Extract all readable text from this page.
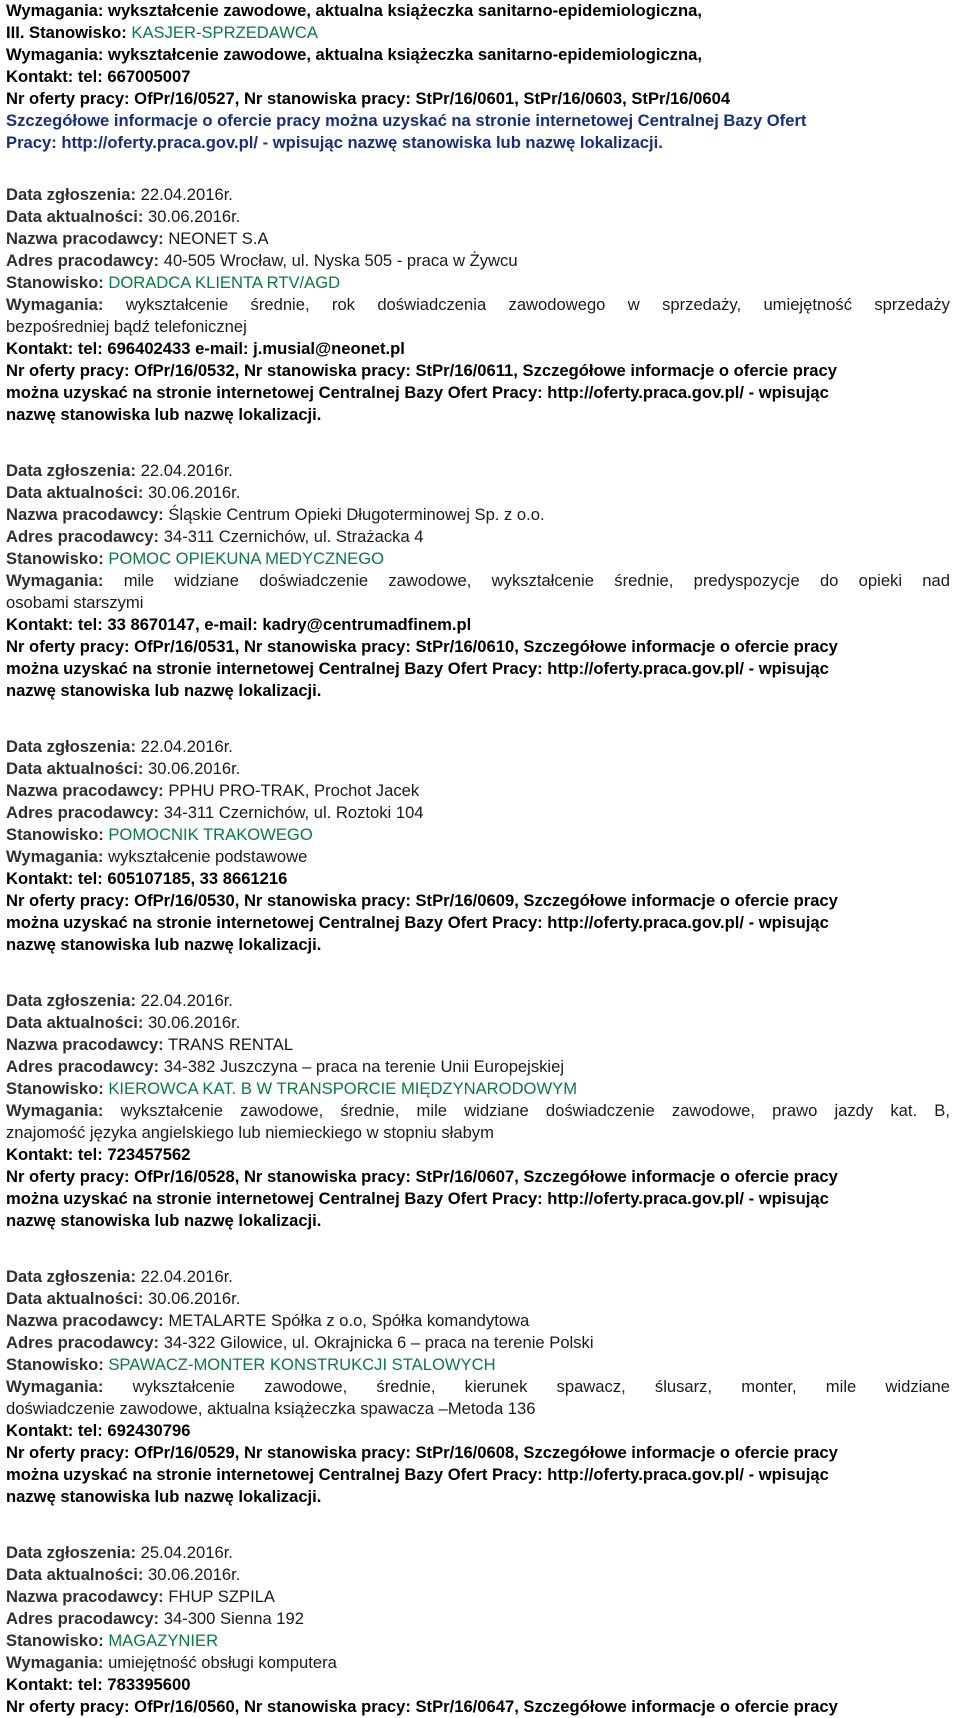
Wymagania: wykształcenie zawodowe, aktualna książeczka sanitarno-epidemiologiczna,
III. Stanowisko: KASJER-SPRZEDAWCA
Wymagania: wykształcenie zawodowe, aktualna książeczka sanitarno-epidemiologiczna,
Kontakt: tel: 667005007
Nr oferty pracy: OfPr/16/0527, Nr stanowiska pracy: StPr/16/0601, StPr/16/0603, StPr/16/0604
Szczegółowe informacje o ofercie pracy można uzyskać na stronie internetowej Centralnej Bazy Ofert
Pracy: http://oferty.praca.gov.pl/ - wpisując nazwę stanowiska lub nazwę lokalizacji.
Data zgłoszenia: 22.04.2016r.
Data aktualności: 30.06.2016r.
Nazwa pracodawcy: NEONET S.A
Adres pracodawcy: 40-505 Wrocław, ul. Nyska 505 - praca w Żywcu
Stanowisko: DORADCA KLIENTA RTV/AGD
Wymagania: wykształcenie średnie, rok doświadczenia zawodowego w sprzedaży, umiejętność sprzedaży
bezpośredniej bądź telefonicznej
Kontakt: tel: 696402433 e-mail: j.musial@neonet.pl
Nr oferty pracy: OfPr/16/0532, Nr stanowiska pracy: StPr/16/0611, Szczegółowe informacje o ofercie pracy
można uzyskać na stronie internetowej Centralnej Bazy Ofert Pracy: http://oferty.praca.gov.pl/ - wpisując
nazwę stanowiska lub nazwę lokalizacji.
Data zgłoszenia: 22.04.2016r.
Data aktualności: 30.06.2016r.
Nazwa pracodawcy: Śląskie Centrum Opieki Długoterminowej Sp. z o.o.
Adres pracodawcy: 34-311 Czernichów, ul. Strażacka 4
Stanowisko: POMOC OPIEKUNA MEDYCZNEGO
Wymagania: mile widziane doświadczenie zawodowe, wykształcenie średnie, predyspozycje do opieki nad
osobami starszymi
Kontakt: tel: 33 8670147, e-mail: kadry@centrumadfinem.pl
Nr oferty pracy: OfPr/16/0531, Nr stanowiska pracy: StPr/16/0610, Szczegółowe informacje o ofercie pracy
można uzyskać na stronie internetowej Centralnej Bazy Ofert Pracy: http://oferty.praca.gov.pl/ - wpisując
nazwę stanowiska lub nazwę lokalizacji.
Data zgłoszenia: 22.04.2016r.
Data aktualności: 30.06.2016r.
Nazwa pracodawcy: PPHU PRO-TRAK, Prochot Jacek
Adres pracodawcy: 34-311 Czernichów, ul. Roztoki 104
Stanowisko: POMOCNIK TRAKOWEGO
Wymagania: wykształcenie podstawowe
Kontakt: tel: 605107185, 33 8661216
Nr oferty pracy: OfPr/16/0530, Nr stanowiska pracy: StPr/16/0609, Szczegółowe informacje o ofercie pracy
można uzyskać na stronie internetowej Centralnej Bazy Ofert Pracy: http://oferty.praca.gov.pl/ - wpisując
nazwę stanowiska lub nazwę lokalizacji.
Data zgłoszenia: 22.04.2016r.
Data aktualności: 30.06.2016r.
Nazwa pracodawcy: TRANS RENTAL
Adres pracodawcy: 34-382 Juszczyna – praca na terenie Unii Europejskiej
Stanowisko: KIEROWCA KAT. B W TRANSPORCIE MIĘDZYNARODOWYM
Wymagania: wykształcenie zawodowe, średnie, mile widziane doświadczenie zawodowe, prawo jazdy kat. B,
znajomość języka angielskiego lub niemieckiego w stopniu słabym
Kontakt: tel: 723457562
Nr oferty pracy: OfPr/16/0528, Nr stanowiska pracy: StPr/16/0607, Szczegółowe informacje o ofercie pracy
można uzyskać na stronie internetowej Centralnej Bazy Ofert Pracy: http://oferty.praca.gov.pl/ - wpisując
nazwę stanowiska lub nazwę lokalizacji.
Data zgłoszenia: 22.04.2016r.
Data aktualności: 30.06.2016r.
Nazwa pracodawcy: METALARTE Spółka z o.o, Spółka komandytowa
Adres pracodawcy: 34-322 Gilowice, ul. Okrajnicka 6 – praca na terenie Polski
Stanowisko: SPAWACZ-MONTER KONSTRUKCJI STALOWYCH
Wymagania: wykształcenie zawodowe, średnie, kierunek spawacz, ślusarz, monter, mile widziane
doświadczenie zawodowe, aktualna książeczka spawacza –Metoda 136
Kontakt: tel: 692430796
Nr oferty pracy: OfPr/16/0529, Nr stanowiska pracy: StPr/16/0608, Szczegółowe informacje o ofercie pracy
można uzyskać na stronie internetowej Centralnej Bazy Ofert Pracy: http://oferty.praca.gov.pl/ - wpisując
nazwę stanowiska lub nazwę lokalizacji.
Data zgłoszenia: 25.04.2016r.
Data aktualności: 30.06.2016r.
Nazwa pracodawcy: FHUP SZPILA
Adres pracodawcy: 34-300 Sienna 192
Stanowisko: MAGAZYNIER
Wymagania: umiejętność obsługi komputera
Kontakt: tel: 783395600
Nr oferty pracy: OfPr/16/0560, Nr stanowiska pracy: StPr/16/0647, Szczegółowe informacje o ofercie pracy
